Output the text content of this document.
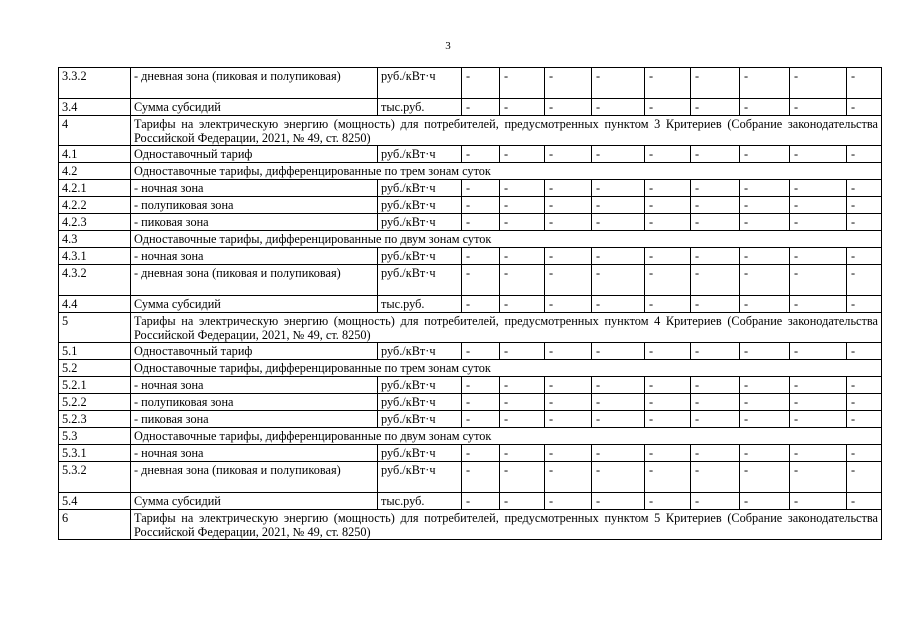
3
3.3.2	- дневная зона (пиковая и полупиковая)	руб./кВт·ч	-	-	-	-	-	-	-	-	-
3.4	Сумма субсидий	тыс.руб.	-	-	-	-	-	-	-	-	-
4	Тарифы на электрическую энергию (мощность) для потребителей, предусмотренных пунктом 3 Критериев (Собрание законодательства Российской Федерации, 2021, № 49, ст. 8250)										
4.1	Одноставочный тариф	руб./кВт·ч	-	-	-	-	-	-	-	-	-
4.2	Одноставочные тарифы, дифференцированные по трем зонам суток										
4.2.1	- ночная зона	руб./кВт·ч	-	-	-	-	-	-	-	-	-
4.2.2	- полупиковая зона	руб./кВт·ч	-	-	-	-	-	-	-	-	-
4.2.3	- пиковая зона	руб./кВт·ч	-	-	-	-	-	-	-	-	-
4.3	Одноставочные тарифы, дифференцированные по двум зонам суток										
4.3.1	- ночная зона	руб./кВт·ч	-	-	-	-	-	-	-	-	-
4.3.2	- дневная зона (пиковая и полупиковая)	руб./кВт·ч	-	-	-	-	-	-	-	-	-
4.4	Сумма субсидий	тыс.руб.	-	-	-	-	-	-	-	-	-
5	Тарифы на электрическую энергию (мощность) для потребителей, предусмотренных пунктом 4 Критериев (Собрание законодательства Российской Федерации, 2021, № 49, ст. 8250)										
5.1	Одноставочный тариф	руб./кВт·ч	-	-	-	-	-	-	-	-	-
5.2	Одноставочные тарифы, дифференцированные по трем зонам суток										
5.2.1	- ночная зона	руб./кВт·ч	-	-	-	-	-	-	-	-	-
5.2.2	- полупиковая зона	руб./кВт·ч	-	-	-	-	-	-	-	-	-
5.2.3	- пиковая зона	руб./кВт·ч	-	-	-	-	-	-	-	-	-
5.3	Одноставочные тарифы, дифференцированные по двум зонам суток										
5.3.1	- ночная зона	руб./кВт·ч	-	-	-	-	-	-	-	-	-
5.3.2	- дневная зона (пиковая и полупиковая)	руб./кВт·ч	-	-	-	-	-	-	-	-	-
5.4	Сумма субсидий	тыс.руб.	-	-	-	-	-	-	-	-	-
6	Тарифы на электрическую энергию (мощность) для потребителей, предусмотренных пунктом 5 Критериев (Собрание законодательства Российской Федерации, 2021, № 49, ст. 8250)										
